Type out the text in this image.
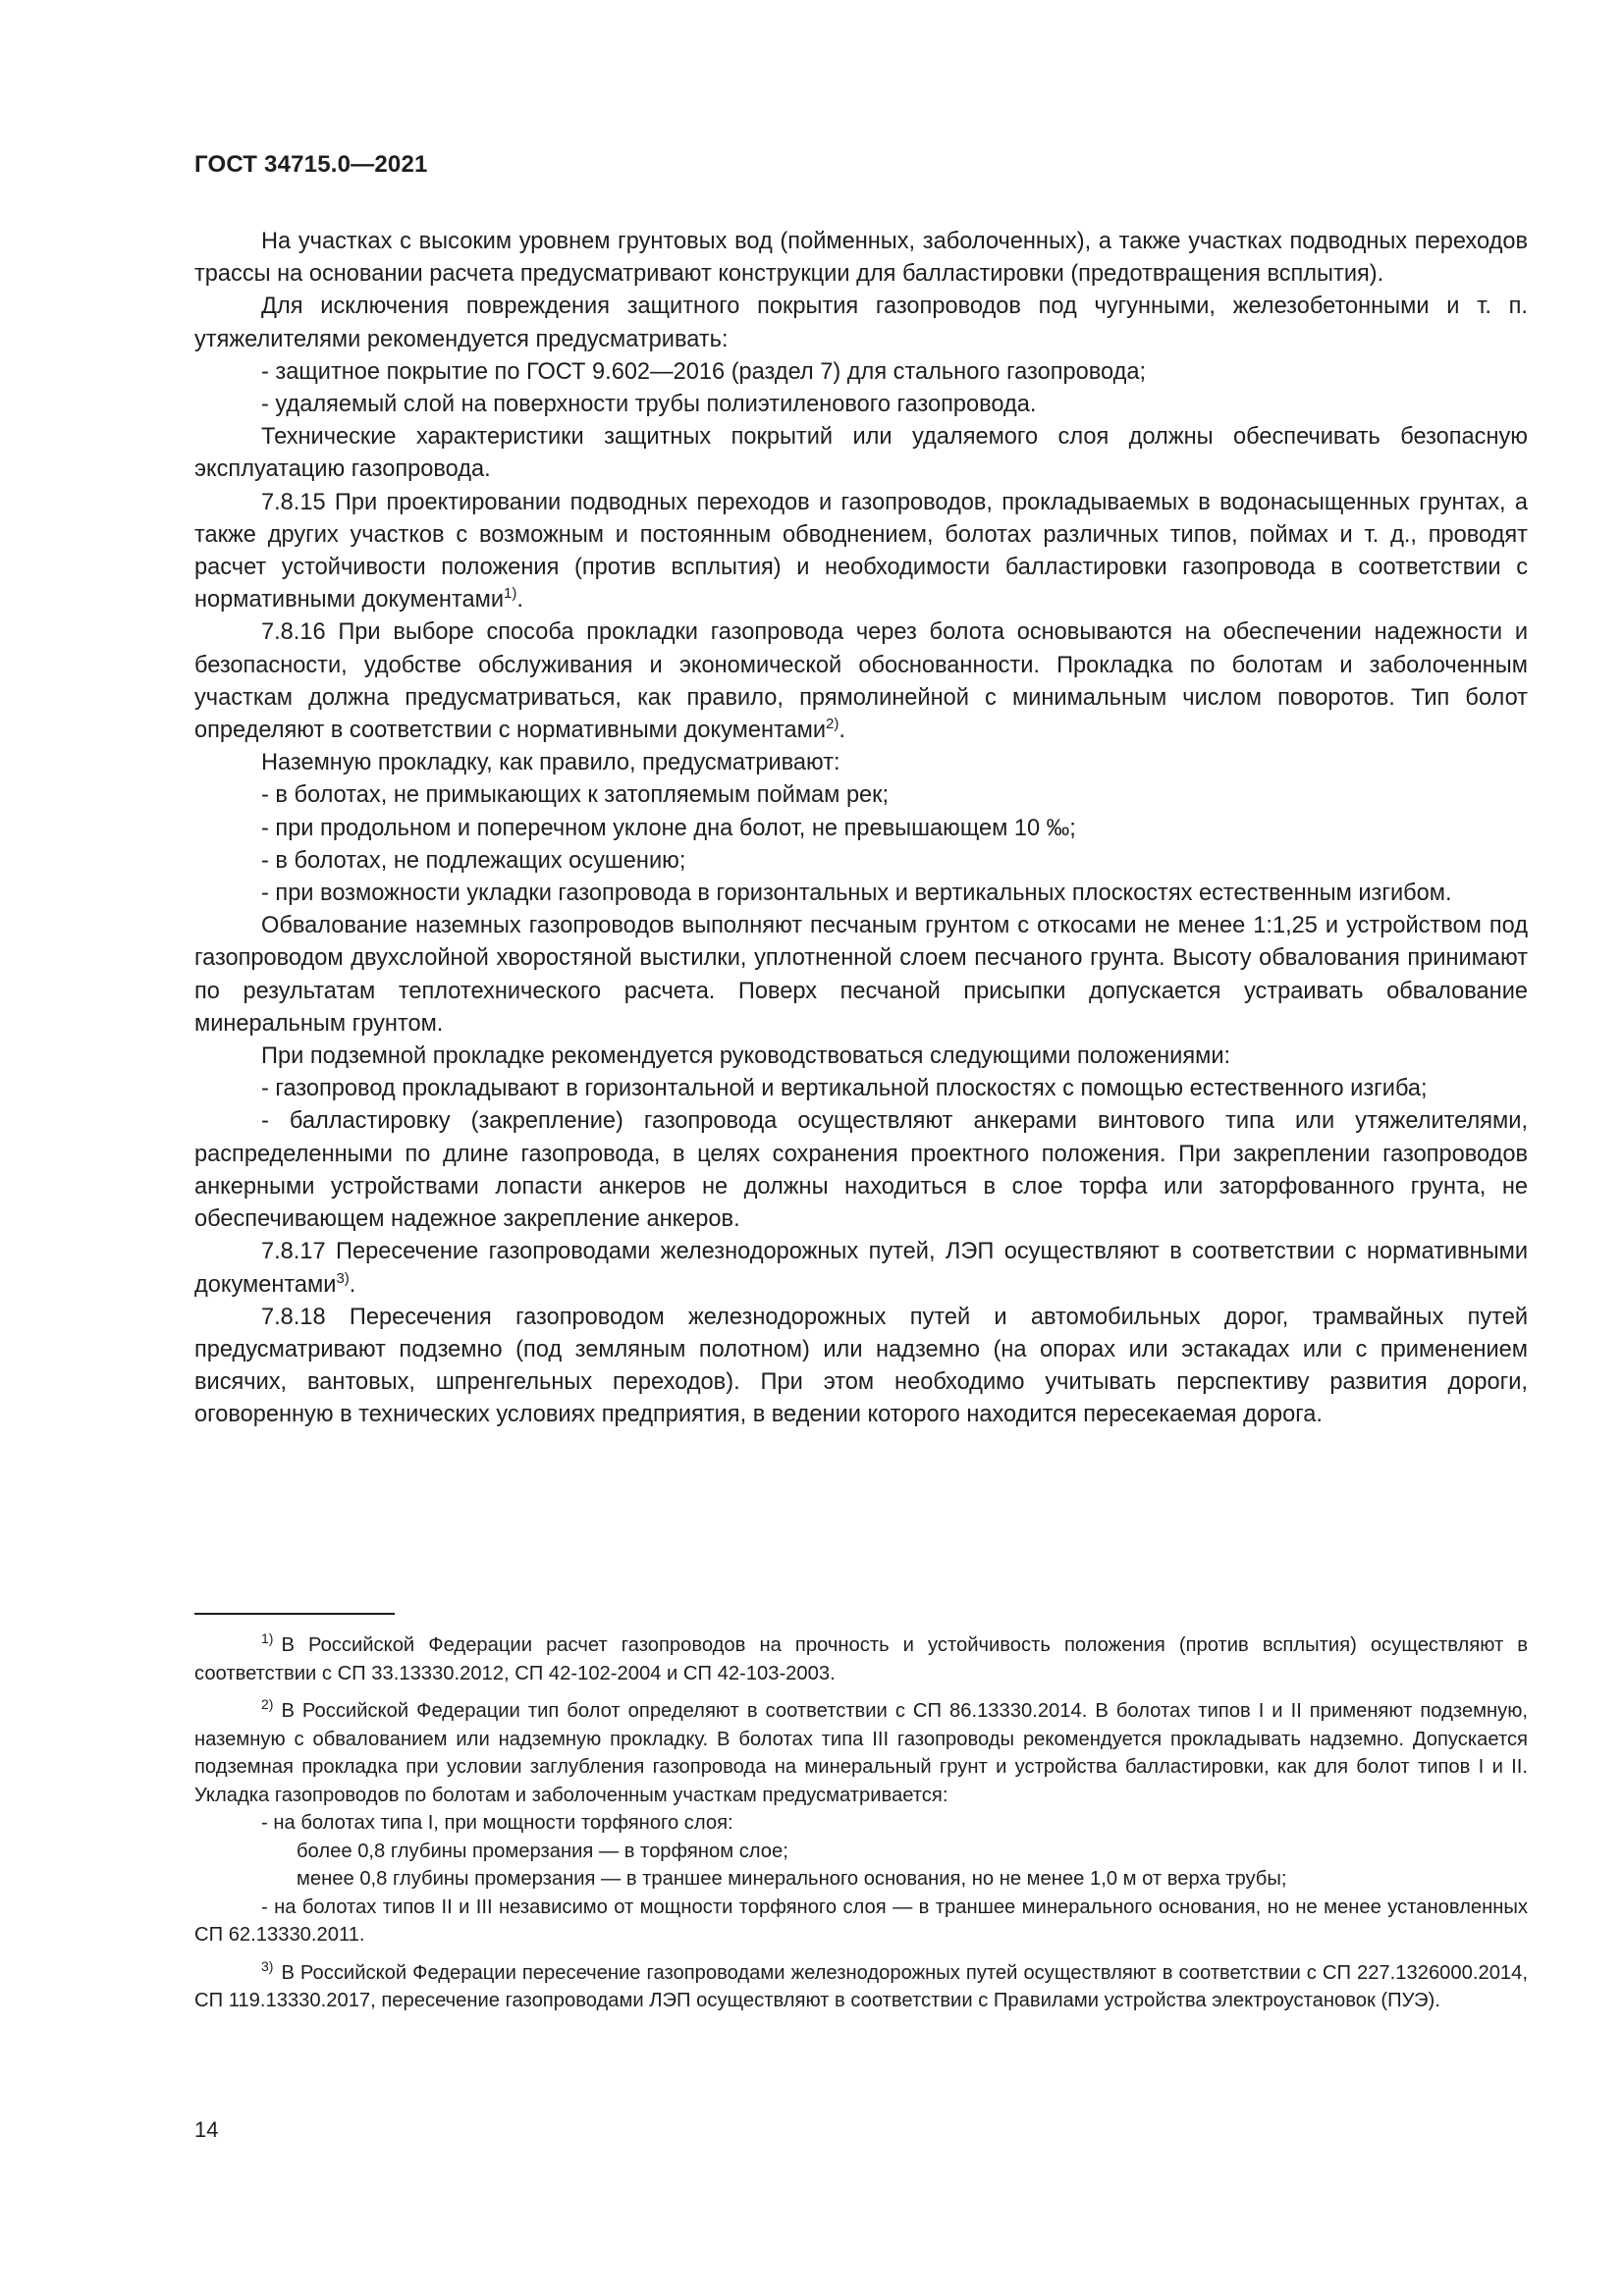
ГОСТ 34715.0—2021

На участках с высоким уровнем грунтовых вод (пойменных, заболоченных), а также участках подводных переходов трассы на основании расчета предусматривают конструкции для балластировки (предотвращения всплытия).

Для исключения повреждения защитного покрытия газопроводов под чугунными, железобетонными и т. п. утяжелителями рекомендуется предусматривать:

- защитное покрытие по ГОСТ 9.602—2016 (раздел 7) для стального газопровода;

- удаляемый слой на поверхности трубы полиэтиленового газопровода.

Технические характеристики защитных покрытий или удаляемого слоя должны обеспечивать безопасную эксплуатацию газопровода.

7.8.15 При проектировании подводных переходов и газопроводов, прокладываемых в водонасыщенных грунтах, а также других участков с возможным и постоянным обводнением, болотах различных типов, поймах и т. д., проводят расчет устойчивости положения (против всплытия) и необходимости балластировки газопровода в соответствии с нормативными документами$^{1)}$.

7.8.16 При выборе способа прокладки газопровода через болота основываются на обеспечении надежности и безопасности, удобстве обслуживания и экономической обоснованности. Прокладка по болотам и заболоченным участкам должна предусматриваться, как правило, прямолинейной с минимальным числом поворотов. Тип болот определяют в соответствии с нормативными документами$^{2)}$.

Наземную прокладку, как правило, предусматривают:

- в болотах, не примыкающих к затопляемым поймам рек;

- при продольном и поперечном уклоне дна болот, не превышающем 10 ‰;

- в болотах, не подлежащих осушению;

- при возможности укладки газопровода в горизонтальных и вертикальных плоскостях естественным изгибом.

Обвалование наземных газопроводов выполняют песчаным грунтом с откосами не менее 1:1,25 и устройством под газопроводом двухслойной хворостяной выстилки, уплотненной слоем песчаного грунта. Высоту обвалования принимают по результатам теплотехнического расчета. Поверх песчаной присыпки допускается устраивать обвалование минеральным грунтом.

При подземной прокладке рекомендуется руководствоваться следующими положениями:

- газопровод прокладывают в горизонтальной и вертикальной плоскостях с помощью естественного изгиба;

- балластировку (закрепление) газопровода осуществляют анкерами винтового типа или утяжелителями, распределенными по длине газопровода, в целях сохранения проектного положения. При закреплении газопроводов анкерными устройствами лопасти анкеров не должны находиться в слое торфа или заторфованного грунта, не обеспечивающем надежное закрепление анкеров.

7.8.17 Пересечение газопроводами железнодорожных путей, ЛЭП осуществляют в соответствии с нормативными документами$^{3)}$.

7.8.18 Пересечения газопроводом железнодорожных путей и автомобильных дорог, трамвайных путей предусматривают подземно (под земляным полотном) или надземно (на опорах или эстакадах или с применением висячих, вантовых, шпренгельных переходов). При этом необходимо учитывать перспективу развития дороги, оговоренную в технических условиях предприятия, в ведении которого находится пересекаемая дорога.

$^{1)}$ В Российской Федерации расчет газопроводов на прочность и устойчивость положения (против всплытия) осуществляют в соответствии с СП 33.13330.2012, СП 42-102-2004 и СП 42-103-2003.

$^{2)}$ В Российской Федерации тип болот определяют в соответствии с СП 86.13330.2014. В болотах типов I и II применяют подземную, наземную с обвалованием или надземную прокладку. В болотах типа III газопроводы рекомендуется прокладывать надземно. Допускается подземная прокладка при условии заглубления газопровода на минеральный грунт и устройства балластировки, как для болот типов I и II. Укладка газопроводов по болотам и заболоченным участкам предусматривается:

- на болотах типа I, при мощности торфяного слоя:

более 0,8 глубины промерзания — в торфяном слое;

менее 0,8 глубины промерзания — в траншее минерального основания, но не менее 1,0 м от верха трубы;

- на болотах типов II и III независимо от мощности торфяного слоя — в траншее минерального основания, но не менее установленных СП 62.13330.2011.

$^{3)}$ В Российской Федерации пересечение газопроводами железнодорожных путей осуществляют в соответствии с СП 227.1326000.2014, СП 119.13330.2017, пересечение газопроводами ЛЭП осуществляют в соответствии с Правилами устройства электроустановок (ПУЭ).

14
